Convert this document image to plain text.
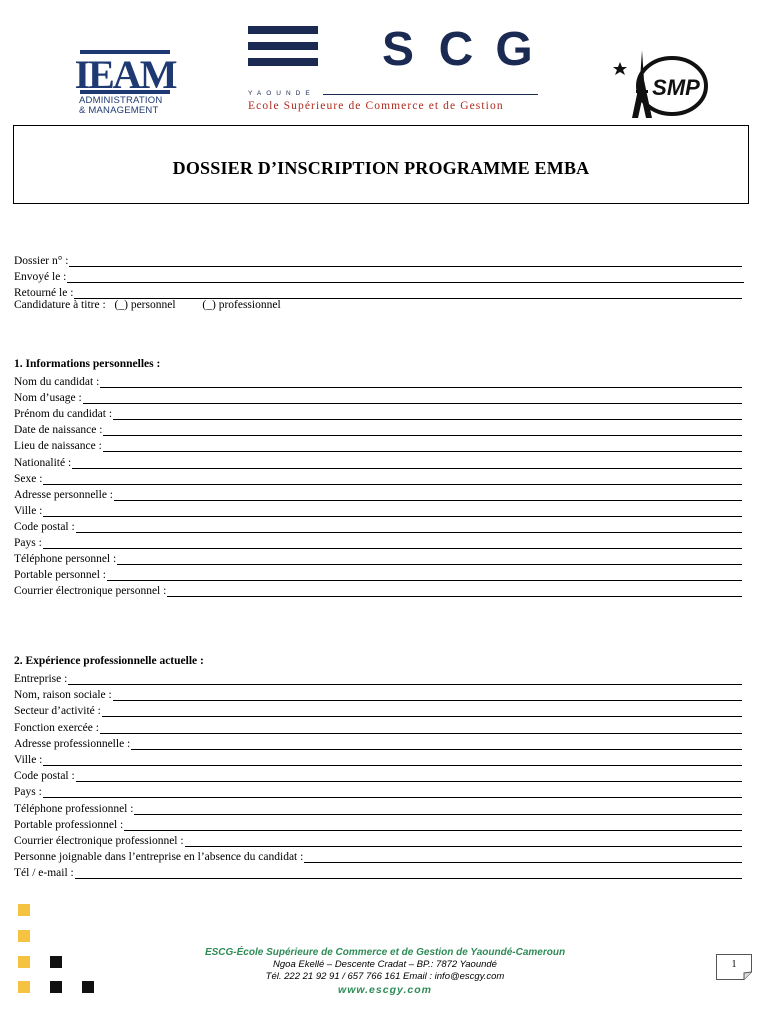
IEAM
ADMINISTRATION
& MANAGEMENT
S C G
YAOUNDE
Ecole Supérieure de Commerce et de Gestion
SMP
DOSSIER D’INSCRIPTION PROGRAMME EMBA
Dossier n° :
Envoyé le :
Retourné le :
Candidature à titre : (_) personnel (_) professionnel
1. Informations personnelles :
Nom du candidat :
Nom d’usage :
Prénom du candidat :
Date de naissance :
Lieu de naissance :
Nationalité :
Sexe :
Adresse personnelle :
Ville :
Code postal :
Pays :
Téléphone personnel :
Portable personnel :
Courrier électronique personnel :
2. Expérience professionnelle actuelle :
Entreprise :
Nom, raison sociale :
Secteur d’activité :
Fonction exercée :
Adresse professionnelle :
Ville :
Code postal :
Pays :
Téléphone professionnel :
Portable professionnel :
Courrier électronique professionnel :
Personne joignable dans l’entreprise en l’absence du candidat :
Tél / e-mail :
ESCG-École Supérieure de Commerce et de Gestion de Yaoundé-Cameroun
Ngoa Ekellé – Descente Cradat – BP.: 7872 Yaoundé
Tél. 222 21 92 91 / 657 766 161 Email : info@escgy.com
www.escgy.com
1
